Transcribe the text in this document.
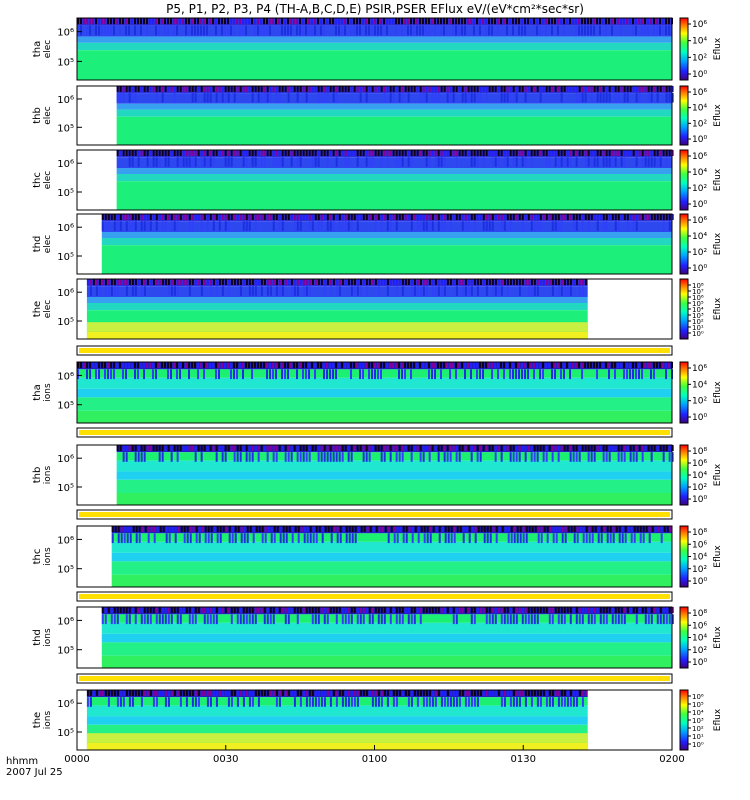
P5, P1, P2, P3, P4 (TH-A,B,C,D,E) PSIR,PSER EFlux eV/(eV*cm²*sec*sr)
10⁶
10⁵
tha elec
10⁶
10⁴
10²
10⁰
Eflux
10⁶
10⁵
thb elec
10⁶
10⁴
10²
10⁰
Eflux
10⁶
10⁵
thc elec
10⁶
10⁴
10²
10⁰
Eflux
10⁶
10⁵
thd elec
10⁶
10⁴
10²
10⁰
Eflux
10⁶
10⁵
the elec
10⁸
10⁷
10⁶
10⁵
10⁴
10³
10²
10¹
10⁰
Eflux
10⁶
10⁵
tha ions
10⁶
10⁴
10²
10⁰
Eflux
10⁶
10⁵
thb ions
10⁸
10⁶
10⁴
10²
10⁰
Eflux
10⁶
10⁵
thc ions
10⁸
10⁶
10⁴
10²
10⁰
Eflux
10⁶
10⁵
thd ions
10⁸
10⁶
10⁴
10²
10⁰
Eflux
10⁶
10⁵
the ions
10⁶
10⁵
10⁴
10³
10²
10¹
10⁰
Eflux
0000	0030	0100	0130	0200
hhmm
2007 Jul 25
